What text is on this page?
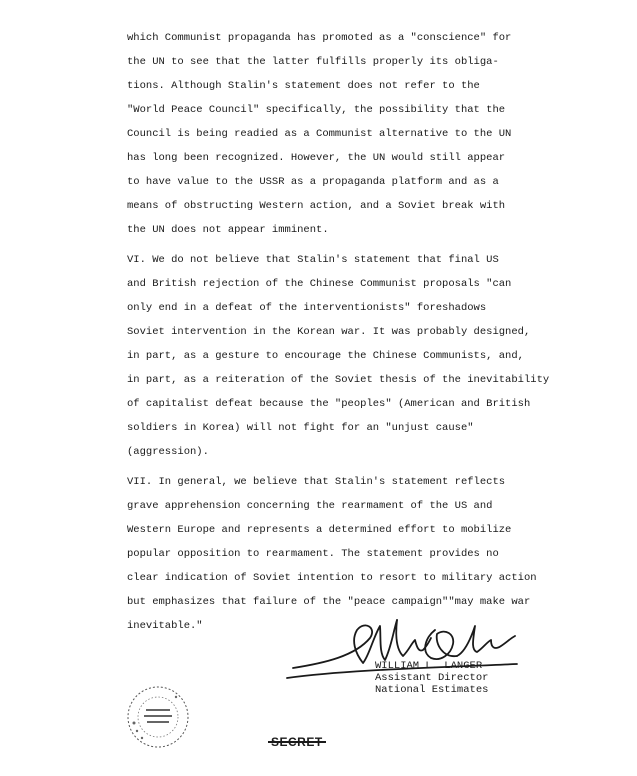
which Communist propaganda has promoted as a "conscience" for
the UN to see that the latter fulfills properly its obliga-
tions. Although Stalin's statement does not refer to the
"World Peace Council" specifically, the possibility that the
Council is being readied as a Communist alternative to the UN
has long been recognized. However, the UN would still appear
to have value to the USSR as a propaganda platform and as a
means of obstructing Western action, and a Soviet break with
the UN does not appear imminent.
VI. We do not believe that Stalin's statement that final US
and British rejection of the Chinese Communist proposals "can
only end in a defeat of the interventionists" foreshadows
Soviet intervention in the Korean war. It was probably designed,
in part, as a gesture to encourage the Chinese Communists, and,
in part, as a reiteration of the Soviet thesis of the inevitability
of capitalist defeat because the "peoples" (American and British
soldiers in Korea) will not fight for an "unjust cause"
(aggression).
VII. In general, we believe that Stalin's statement reflects
grave apprehension concerning the rearmament of the US and
Western Europe and represents a determined effort to mobilize
popular opposition to rearmament. The statement provides no
clear indication of Soviet intention to resort to military action
but emphasizes that failure of the "peace campaign""may make war
inevitable."
WILLIAM L. LANGER
Assistant Director
National Estimates
